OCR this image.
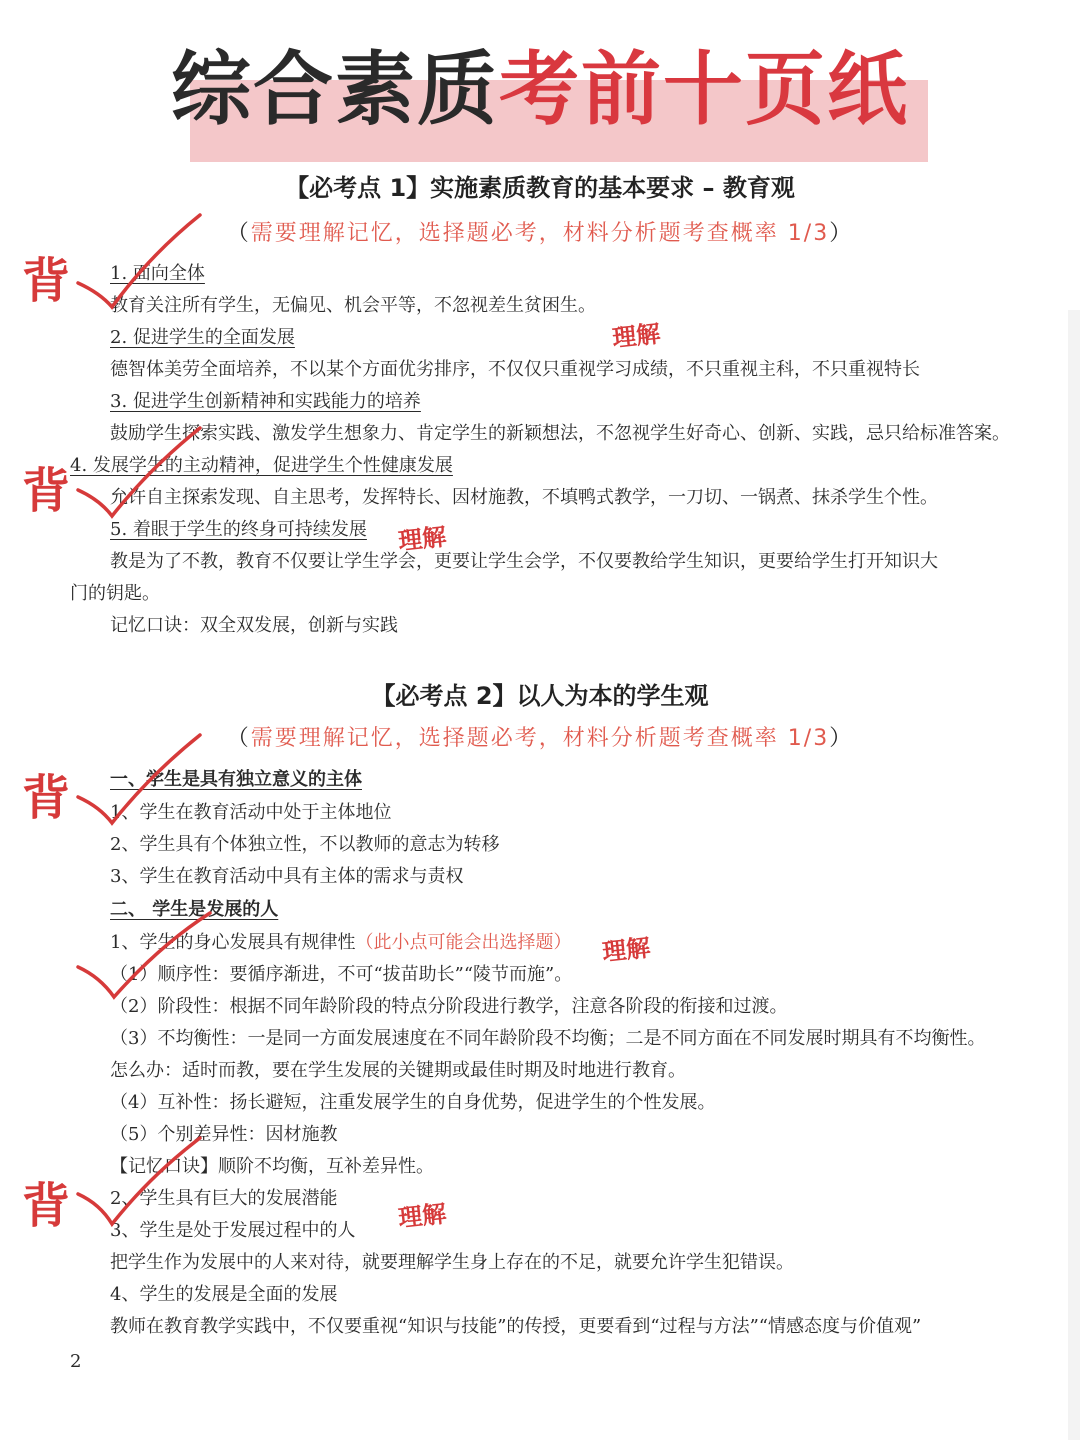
综合素质考前十页纸
【必考点 1】实施素质教育的基本要求 – 教育观
（需要理解记忆，选择题必考，材料分析题考查概率 1/3）
1. 面向全体
教育关注所有学生，无偏见、机会平等，不忽视差生贫困生。
2. 促进学生的全面发展
德智体美劳全面培养，不以某个方面优劣排序，不仅仅只重视学习成绩，不只重视主科，不只重视特长
3. 促进学生创新精神和实践能力的培养
鼓励学生探索实践、激发学生想象力、肯定学生的新颖想法，不忽视学生好奇心、创新、实践，忌只给标准答案。
4. 发展学生的主动精神，促进学生个性健康发展
允许自主探索发现、自主思考，发挥特长、因材施教，不填鸭式教学，一刀切、一锅煮、抹杀学生个性。
5. 着眼于学生的终身可持续发展
教是为了不教，教育不仅要让学生学会，更要让学生会学，不仅要教给学生知识，更要给学生打开知识大
门的钥匙。
记忆口诀：双全双发展，创新与实践
【必考点 2】以人为本的学生观
（需要理解记忆，选择题必考，材料分析题考查概率 1/3）
一、学生是具有独立意义的主体
1、学生在教育活动中处于主体地位
2、学生具有个体独立性，不以教师的意志为转移
3、学生在教育活动中具有主体的需求与责权
二、 学生是发展的人
1、学生的身心发展具有规律性（此小点可能会出选择题）
（1）顺序性：要循序渐进，不可“拔苗助长”“陵节而施”。
（2）阶段性：根据不同年龄阶段的特点分阶段进行教学，注意各阶段的衔接和过渡。
（3）不均衡性：一是同一方面发展速度在不同年龄阶段不均衡；二是不同方面在不同发展时期具有不均衡性。
怎么办：适时而教，要在学生发展的关键期或最佳时期及时地进行教育。
（4）互补性：扬长避短，注重发展学生的自身优势，促进学生的个性发展。
（5）个别差异性：因材施教
【记忆口诀】顺阶不均衡，互补差异性。
2、学生具有巨大的发展潜能
3、学生是处于发展过程中的人
把学生作为发展中的人来对待，就要理解学生身上存在的不足，就要允许学生犯错误。
4、学生的发展是全面的发展
教师在教育教学实践中，不仅要重视“知识与技能”的传授，更要看到“过程与方法”“情感态度与价值观”
背
背
背
背
理解
理解
理解
理解
2
